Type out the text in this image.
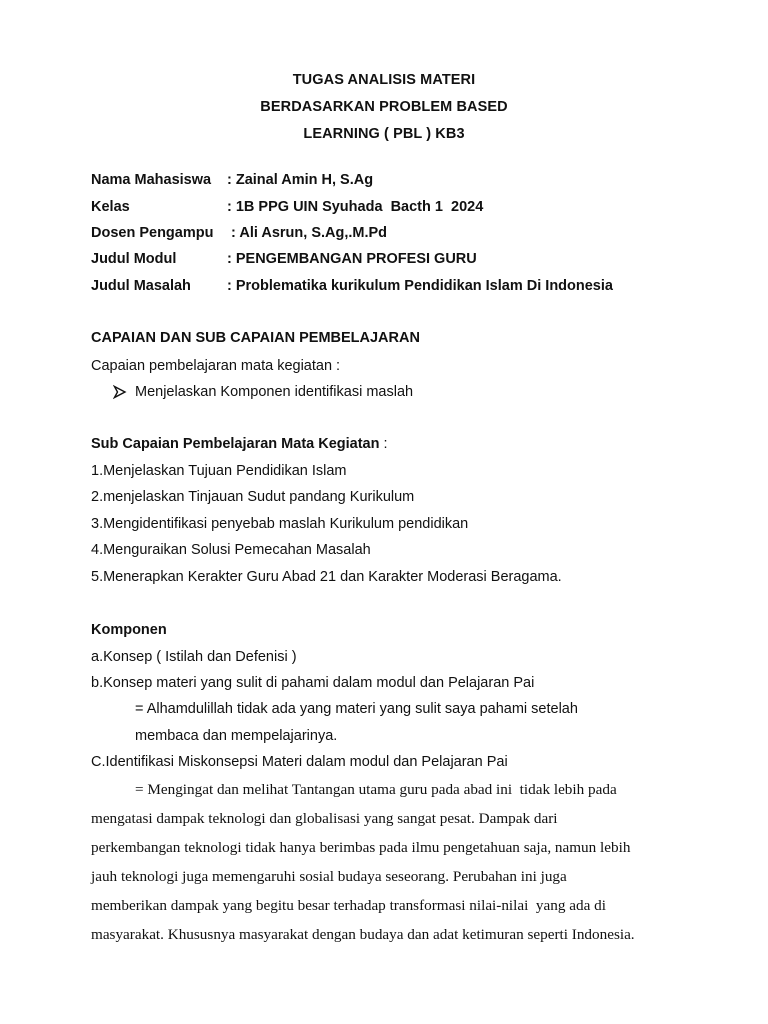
TUGAS ANALISIS MATERI
BERDASARKAN PROBLEM BASED
LEARNING ( PBL ) KB3
Nama Mahasiswa : Zainal Amin H, S.Ag
Kelas	: 1B PPG UIN Syuhada  Bacth 1  2024
Dosen Pengampu : Ali Asrun, S.Ag,.M.Pd
Judul Modul	: PENGEMBANGAN PROFESI GURU
Judul Masalah : Problematika kurikulum Pendidikan Islam Di Indonesia
CAPAIAN DAN SUB CAPAIAN PEMBELAJARAN
Capaian pembelajaran mata kegiatan :
Menjelaskan Komponen identifikasi maslah
Sub Capaian Pembelajaran Mata Kegiatan :
1.Menjelaskan Tujuan Pendidikan Islam
2.menjelaskan Tinjauan Sudut pandang Kurikulum
3.Mengidentifikasi penyebab maslah Kurikulum pendidikan
4.Menguraikan Solusi Pemecahan Masalah
5.Menerapkan Kerakter Guru Abad 21 dan Karakter Moderasi Beragama.
Komponen
a.Konsep ( Istilah dan Defenisi )
b.Konsep materi yang sulit di pahami dalam modul dan Pelajaran Pai
= Alhamdulillah tidak ada yang materi yang sulit saya pahami setelah
membaca dan mempelajarinya.
C.Identifikasi Miskonsepsi Materi dalam modul dan Pelajaran Pai
= Mengingat dan melihat Tantangan utama guru pada abad ini  tidak lebih pada
mengatasi dampak teknologi dan globalisasi yang sangat pesat. Dampak dari
perkembangan teknologi tidak hanya berimbas pada ilmu pengetahuan saja, namun lebih
jauh teknologi juga memengaruhi sosial budaya seseorang. Perubahan ini juga
memberikan dampak yang begitu besar terhadap transformasi nilai-nilai  yang ada di
masyarakat. Khususnya masyarakat dengan budaya dan adat ketimuran seperti Indonesia.
